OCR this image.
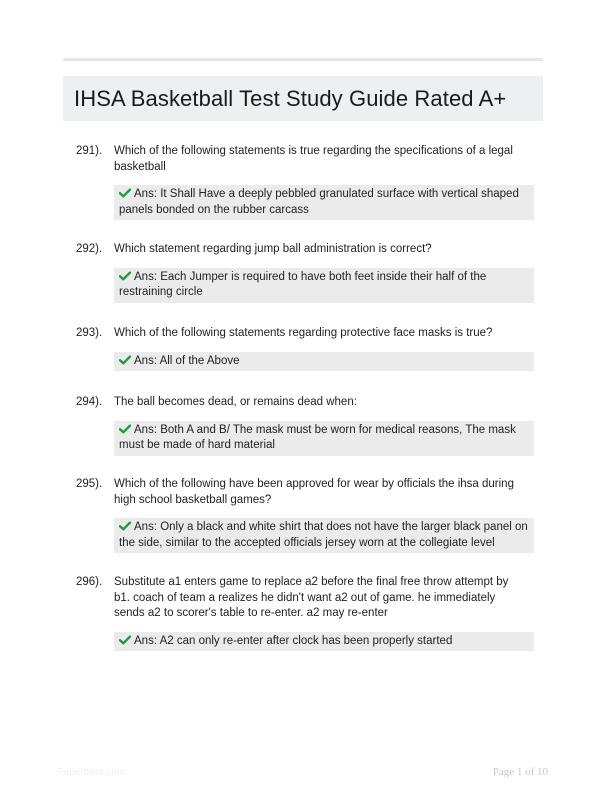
IHSA Basketball Test Study Guide Rated A+
291). Which of the following statements is true regarding the specifications of a legal basketball
Ans: It Shall Have a deeply pebbled granulated surface with vertical shaped panels bonded on the rubber carcass
292). Which statement regarding jump ball administration is correct?
Ans: Each Jumper is required to have both feet inside their half of the restraining circle
293). Which of the following statements regarding protective face masks is true?
Ans: All of the Above
294). The ball becomes dead, or remains dead when:
Ans: Both A and B/ The mask must be worn for medical reasons, The mask must be made of hard material
295). Which of the following have been approved for wear by officials the ihsa during high school basketball games?
Ans: Only a black and white shirt that does not have the larger black panel on the side, similar to the accepted officials jersey worn at the collegiate level
296). Substitute a1 enters game to replace a2 before the final free throw attempt by b1. coach of team a realizes he didn't want a2 out of game. he immediately sends a2 to scorer's table to re-enter. a2 may re-enter
Ans: A2 can only re-enter after clock has been properly started
Paperbliss.com	Page 1 of 10
